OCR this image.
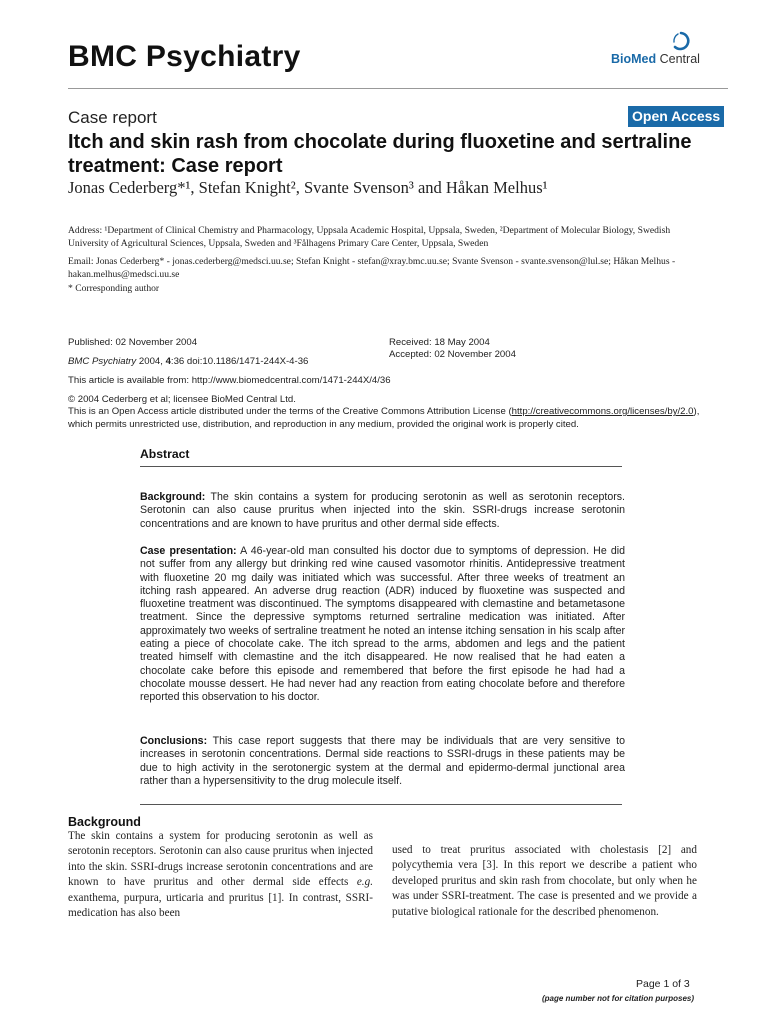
BMC Psychiatry	BioMed Central
Case report	Open Access
Itch and skin rash from chocolate during fluoxetine and sertraline treatment: Case report
Jonas Cederberg*¹, Stefan Knight², Svante Svenson³ and Håkan Melhus¹
Address: ¹Department of Clinical Chemistry and Pharmacology, Uppsala Academic Hospital, Uppsala, Sweden, ²Department of Molecular Biology, Swedish University of Agricultural Sciences, Uppsala, Sweden and ³Fålhagens Primary Care Center, Uppsala, Sweden
Email: Jonas Cederberg* - jonas.cederberg@medsci.uu.se; Stefan Knight - stefan@xray.bmc.uu.se; Svante Svenson - svante.svenson@lul.se; Håkan Melhus - hakan.melhus@medsci.uu.se
* Corresponding author
Published: 02 November 2004
BMC Psychiatry 2004, 4:36 doi:10.1186/1471-244X-4-36
Received: 18 May 2004
Accepted: 02 November 2004
This article is available from: http://www.biomedcentral.com/1471-244X/4/36
© 2004 Cederberg et al; licensee BioMed Central Ltd.
This is an Open Access article distributed under the terms of the Creative Commons Attribution License (http://creativecommons.org/licenses/by/2.0), which permits unrestricted use, distribution, and reproduction in any medium, provided the original work is properly cited.
Abstract
Background: The skin contains a system for producing serotonin as well as serotonin receptors. Serotonin can also cause pruritus when injected into the skin. SSRI-drugs increase serotonin concentrations and are known to have pruritus and other dermal side effects.
Case presentation: A 46-year-old man consulted his doctor due to symptoms of depression. He did not suffer from any allergy but drinking red wine caused vasomotor rhinitis. Antidepressive treatment with fluoxetine 20 mg daily was initiated which was successful. After three weeks of treatment an itching rash appeared. An adverse drug reaction (ADR) induced by fluoxetine was suspected and fluoxetine treatment was discontinued. The symptoms disappeared with clemastine and betametasone treatment. Since the depressive symptoms returned sertraline medication was initiated. After approximately two weeks of sertraline treatment he noted an intense itching sensation in his scalp after eating a piece of chocolate cake. The itch spread to the arms, abdomen and legs and the patient treated himself with clemastine and the itch disappeared. He now realised that he had eaten a chocolate cake before this episode and remembered that before the first episode he had had a chocolate mousse dessert. He had never had any reaction from eating chocolate before and therefore reported this observation to his doctor.
Conclusions: This case report suggests that there may be individuals that are very sensitive to increases in serotonin concentrations. Dermal side reactions to SSRI-drugs in these patients may be due to high activity in the serotonergic system at the dermal and epidermo-dermal junctional area rather than a hypersensitivity to the drug molecule itself.
Background
The skin contains a system for producing serotonin as well as serotonin receptors. Serotonin can also cause pruritus when injected into the skin. SSRI-drugs increase serotonin concentrations and are known to have pruritus and other dermal side effects e.g. exanthema, purpura, urticaria and pruritus [1]. In contrast, SSRI-medication has also been
used to treat pruritus associated with cholestasis [2] and polycythemia vera [3]. In this report we describe a patient who developed pruritus and skin rash from chocolate, but only when he was under SSRI-treatment. The case is presented and we provide a putative biological rationale for the described phenomenon.
Page 1 of 3
(page number not for citation purposes)
